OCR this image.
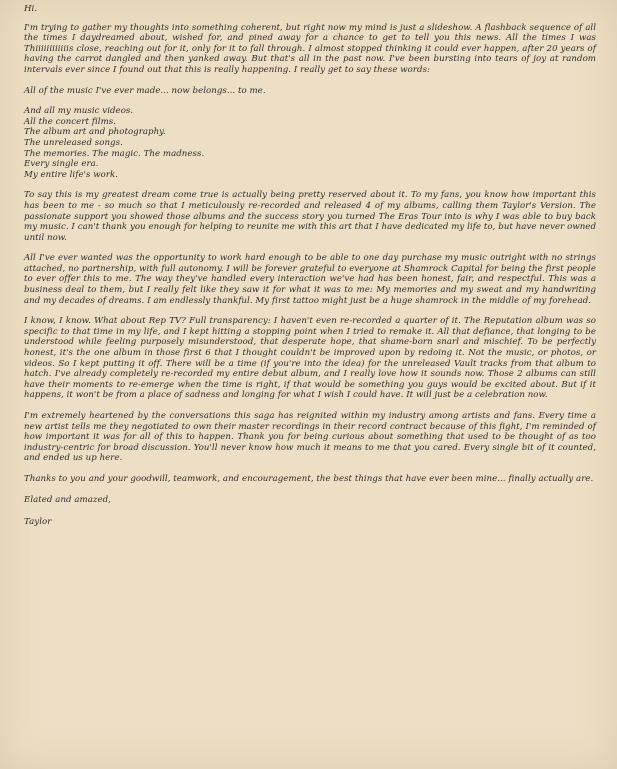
Hi.

I'm trying to gather my thoughts into something coherent, but right now my mind is just a slideshow. A flashback sequence of all the times I daydreamed about, wished for, and pined away for a chance to get to tell you this news. All the times I was Thiiiiiiiiiiiis close, reaching out for it, only for it to fall through. I almost stopped thinking it could ever happen, after 20 years of having the carrot dangled and then yanked away. But that's all in the past now. I've been bursting into tears of joy at random intervals ever since I found out that this is really happening. I really get to say these words:

All of the music I've ever made... now belongs... to me.

And all my music videos.
All the concert films.
The album art and photography.
The unreleased songs.
The memories. The magic. The madness.
Every single era.
My entire life's work.

To say this is my greatest dream come true is actually being pretty reserved about it. To my fans, you know how important this has been to me - so much so that I meticulously re-recorded and released 4 of my albums, calling them Taylor's Version. The passionate support you showed those albums and the success story you turned The Eras Tour into is why I was able to buy back my music. I can't thank you enough for helping to reunite me with this art that I have dedicated my life to, but have never owned until now.

All I've ever wanted was the opportunity to work hard enough to be able to one day purchase my music outright with no strings attached, no partnership, with full autonomy. I will be forever grateful to everyone at Shamrock Capital for being the first people to ever offer this to me. The way they've handled every interaction we've had has been honest, fair, and respectful. This was a business deal to them, but I really felt like they saw it for what it was to me: My memories and my sweat and my handwriting and my decades of dreams. I am endlessly thankful. My first tattoo might just be a huge shamrock in the middle of my forehead.

I know, I know. What about Rep TV? Full transparency: I haven't even re-recorded a quarter of it. The Reputation album was so specific to that time in my life, and I kept hitting a stopping point when I tried to remake it. All that defiance, that longing to be understood while feeling purposely misunderstood, that desperate hope, that shame-born snarl and mischief. To be perfectly honest, it's the one album in those first 6 that I thought couldn't be improved upon by redoing it. Not the music, or photos, or videos. So I kept putting it off. There will be a time (if you're into the idea) for the unreleased Vault tracks from that album to hatch. I've already completely re-recorded my entire debut album, and I really love how it sounds now. Those 2 albums can still have their moments to re-emerge when the time is right, if that would be something you guys would be excited about. But if it happens, it won't be from a place of sadness and longing for what I wish I could have. It will just be a celebration now.

I'm extremely heartened by the conversations this saga has reignited within my industry among artists and fans. Every time a new artist tells me they negotiated to own their master recordings in their record contract because of this fight, I'm reminded of how important it was for all of this to happen. Thank you for being curious about something that used to be thought of as too industry-centric for broad discussion. You'll never know how much it means to me that you cared. Every single bit of it counted, and ended us up here.

Thanks to you and your goodwill, teamwork, and encouragement, the best things that have ever been mine... finally actually are.

Elated and amazed,
Taylor
